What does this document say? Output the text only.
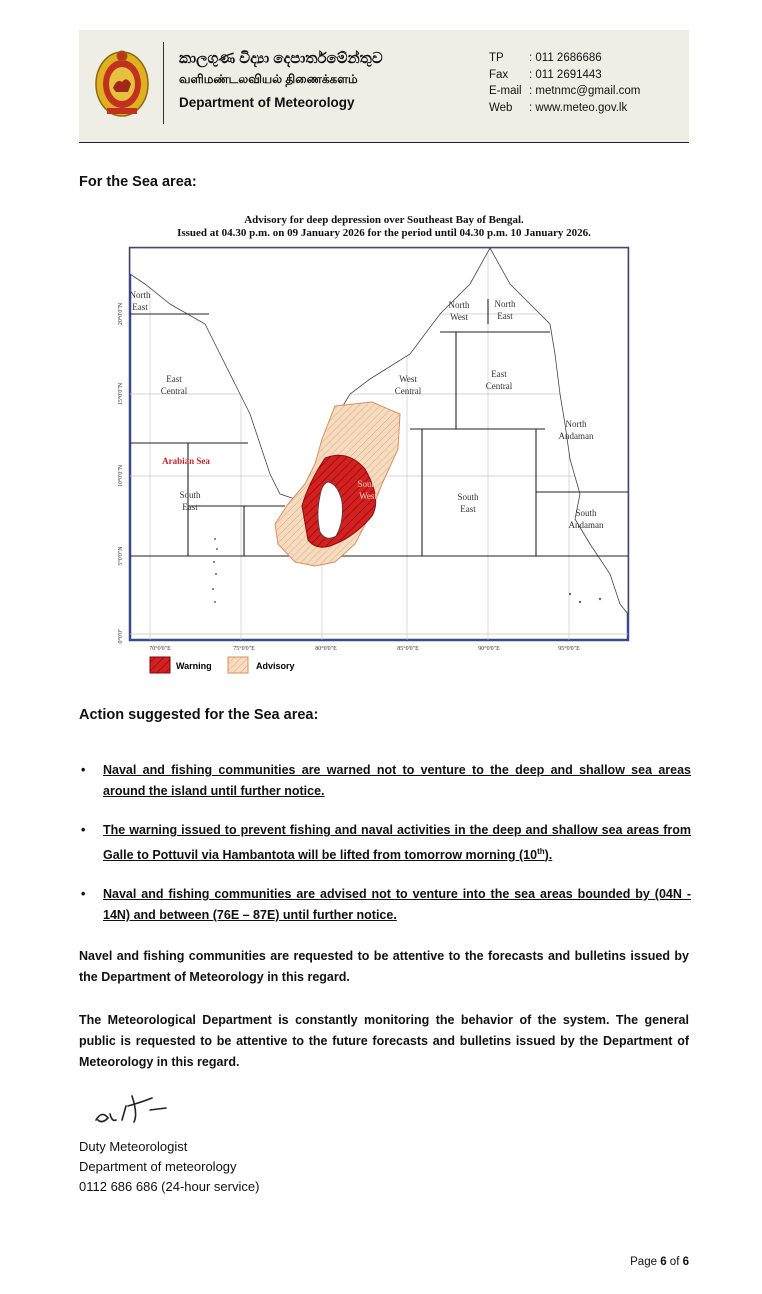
කාලගුණ විද්‍යා දෙපාර්තමේන්තුව
வளிமண்டலவியல் திணைக்களம்
Department of Meteorology
TP	: 011 2686686
Fax	: 011 2691443
E-mail : metnmc@gmail.com
Web	: www.meteo.gov.lk
For the Sea area:
Advisory for deep depression over Southeast Bay of Bengal.
Issued at 04.30 p.m. on 09 January 2026 for the period until 04.30 p.m. 10 January 2026.
North
East
East
Central
Arabian Sea
South
East
North
West
North
East
West
Central
East
Central
North
Andaman
South
West	South
East	South
Andaman
70°0'0"E	75°0'0"E	80°0'0"E	85°0'0"E	90°0'0"E	95°0'0"E
20°0'0"N
15°0'0"N
10°0'0"N
5°0'0"N
0°0'0"
Warning	Advisory
Action suggested for the Sea area:
• Naval and fishing communities are warned not to venture to the deep and shallow sea areas around the island until further notice.
• The warning issued to prevent fishing and naval activities in the deep and shallow sea areas from Galle to Pottuvil via Hambantota will be lifted from tomorrow morning (10th).
• Naval and fishing communities are advised not to venture into the sea areas bounded by (04N - 14N) and between (76E – 87E) until further notice.
Navel and fishing communities are requested to be attentive to the forecasts and bulletins issued by the Department of Meteorology in this regard.
The Meteorological Department is constantly monitoring the behavior of the system. The general public is requested to be attentive to the future forecasts and bulletins issued by the Department of Meteorology in this regard.
Duty Meteorologist
Department of meteorology
0112 686 686 (24-hour service)
Page 6 of 6
